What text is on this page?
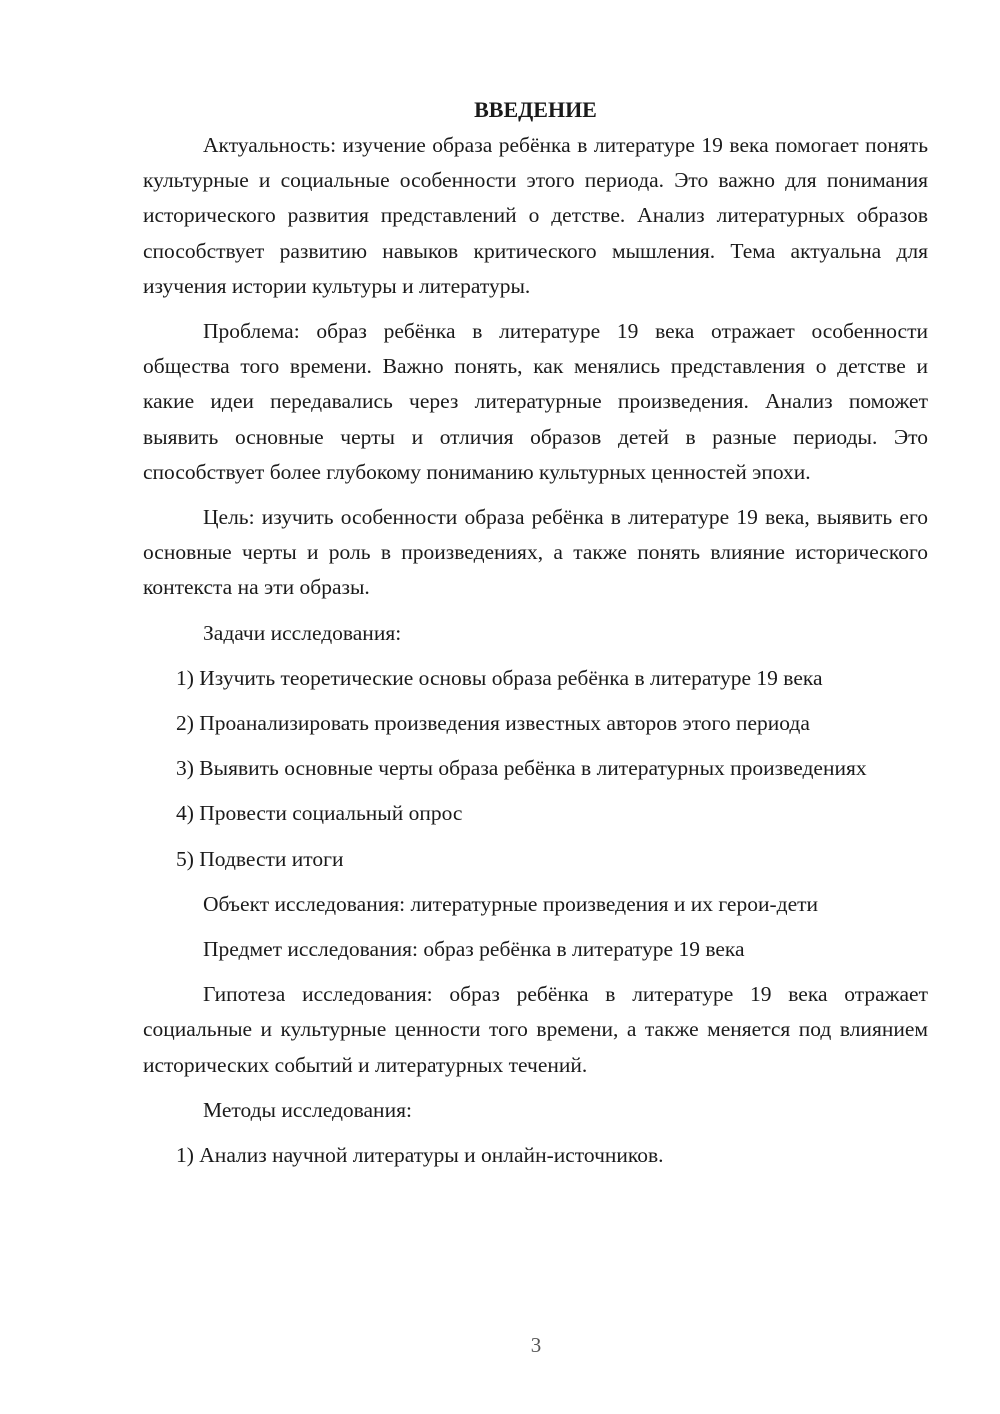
ВВЕДЕНИЕ

Актуальность: изучение образа ребёнка в литературе 19 века помогает понять культурные и социальные особенности этого периода. Это важно для понимания исторического развития представлений о детстве. Анализ литературных образов способствует развитию навыков критического мышления. Тема актуальна для изучения истории культуры и литературы.

Проблема: образ ребёнка в литературе 19 века отражает особенности общества того времени. Важно понять, как менялись представления о детстве и какие идеи передавались через литературные произведения. Анализ поможет выявить основные черты и отличия образов детей в разные периоды. Это способствует более глубокому пониманию культурных ценностей эпохи.

Цель: изучить особенности образа ребёнка в литературе 19 века, выявить его основные черты и роль в произведениях, а также понять влияние исторического контекста на эти образы.

Задачи исследования:

1) Изучить теоретические основы образа ребёнка в литературе 19 века

2) Проанализировать произведения известных авторов этого периода

3) Выявить основные черты образа ребёнка в литературных произведениях

4) Провести социальный опрос

5) Подвести итоги

Объект исследования: литературные произведения и их герои-дети

Предмет исследования: образ ребёнка в литературе 19 века

Гипотеза исследования: образ ребёнка в литературе 19 века отражает социальные и культурные ценности того времени, а также меняется под влиянием исторических событий и литературных течений.

Методы исследования:

1) Анализ научной литературы и онлайн-источников.

3
